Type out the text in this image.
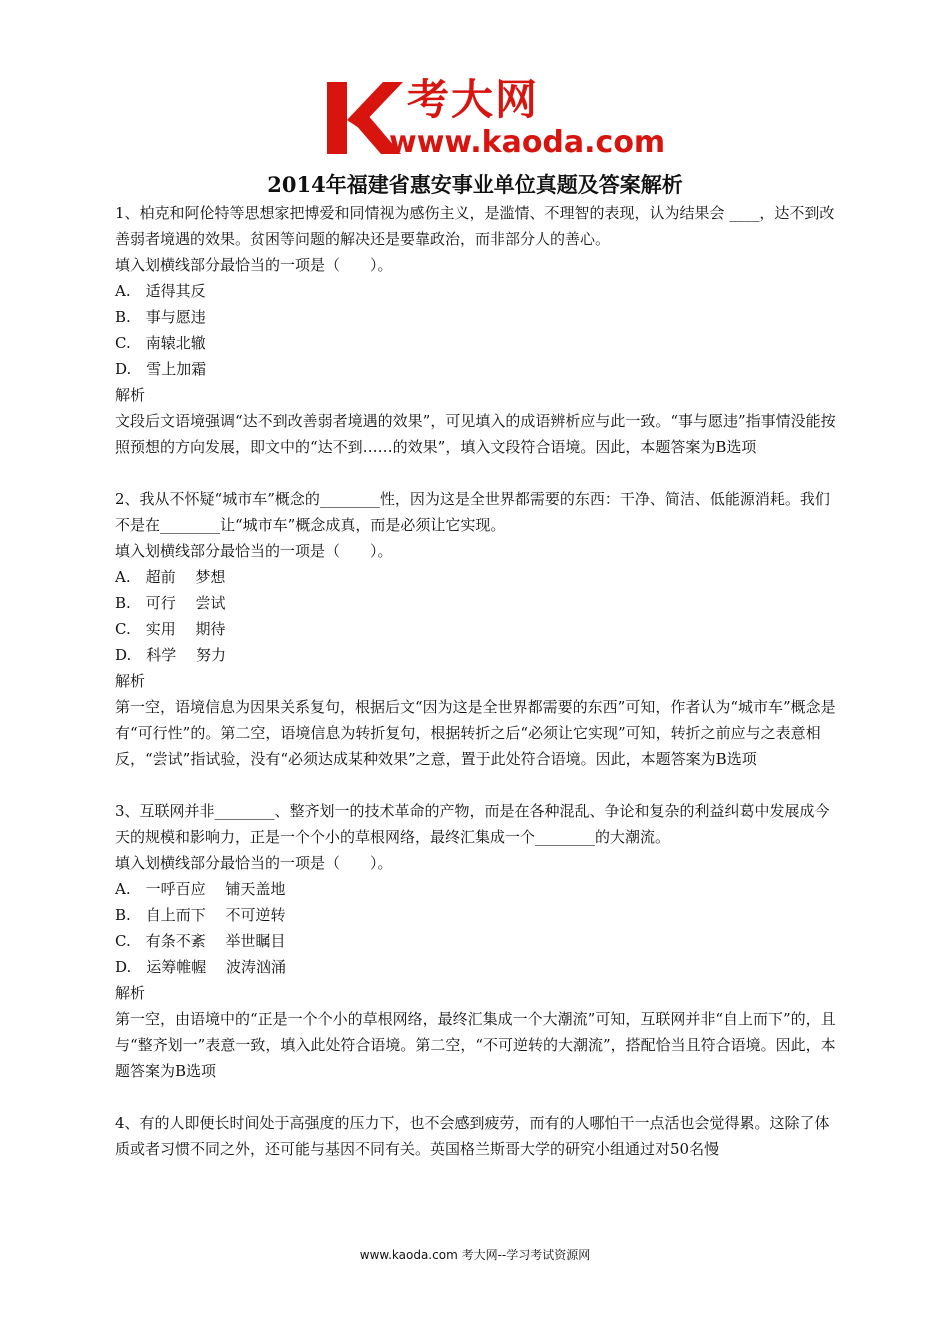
考大网
www.kaoda.com
2014年福建省惠安事业单位真题及答案解析

1、柏克和阿伦特等思想家把博爱和同情视为感伤主义，是滥情、不理智的表现，认为结果会 ____，达不到改善弱者境遇的效果。贫困等问题的解决还是要靠政治，而非部分人的善心。

填入划横线部分最恰当的一项是（　　）。

A.　适得其反

B.　事与愿违

C.　南辕北辙

D.　雪上加霜

解析

文段后文语境强调“达不到改善弱者境遇的效果”，可见填入的成语辨析应与此一致。“事与愿违”指事情没能按照预想的方向发展，即文中的“达不到……的效果”，填入文段符合语境。因此，本题答案为B选项

2、我从不怀疑“城市车”概念的________性，因为这是全世界都需要的东西：干净、简洁、低能源消耗。我们不是在________让“城市车”概念成真，而是必须让它实现。

填入划横线部分最恰当的一项是（　　）。

A.　超前　 梦想

B.　可行　 尝试

C.　实用　 期待

D.　科学　 努力

解析

第一空，语境信息为因果关系复句，根据后文“因为这是全世界都需要的东西”可知，作者认为“城市车”概念是有“可行性”的。第二空，语境信息为转折复句，根据转折之后“必须让它实现”可知，转折之前应与之表意相反，“尝试”指试验，没有“必须达成某种效果”之意，置于此处符合语境。因此，本题答案为B选项

3、互联网并非________、整齐划一的技术革命的产物，而是在各种混乱、争论和复杂的利益纠葛中发展成今天的规模和影响力，正是一个个小的草根网络，最终汇集成一个________的大潮流。

填入划横线部分最恰当的一项是（　　）。

A.　一呼百应　 铺天盖地

B.　自上而下　 不可逆转

C.　有条不紊　 举世瞩目

D.　运筹帷幄　 波涛汹涌

解析

第一空，由语境中的“正是一个个小的草根网络，最终汇集成一个大潮流”可知，互联网并非“自上而下”的，且与“整齐划一”表意一致，填入此处符合语境。第二空，“不可逆转的大潮流”，搭配恰当且符合语境。因此，本题答案为B选项

4、有的人即便长时间处于高强度的压力下，也不会感到疲劳，而有的人哪怕干一点活也会觉得累。这除了体质或者习惯不同之外，还可能与基因不同有关。英国格兰斯哥大学的研究小组通过对50名慢

www.kaoda.com 考大网--学习考试资源网
